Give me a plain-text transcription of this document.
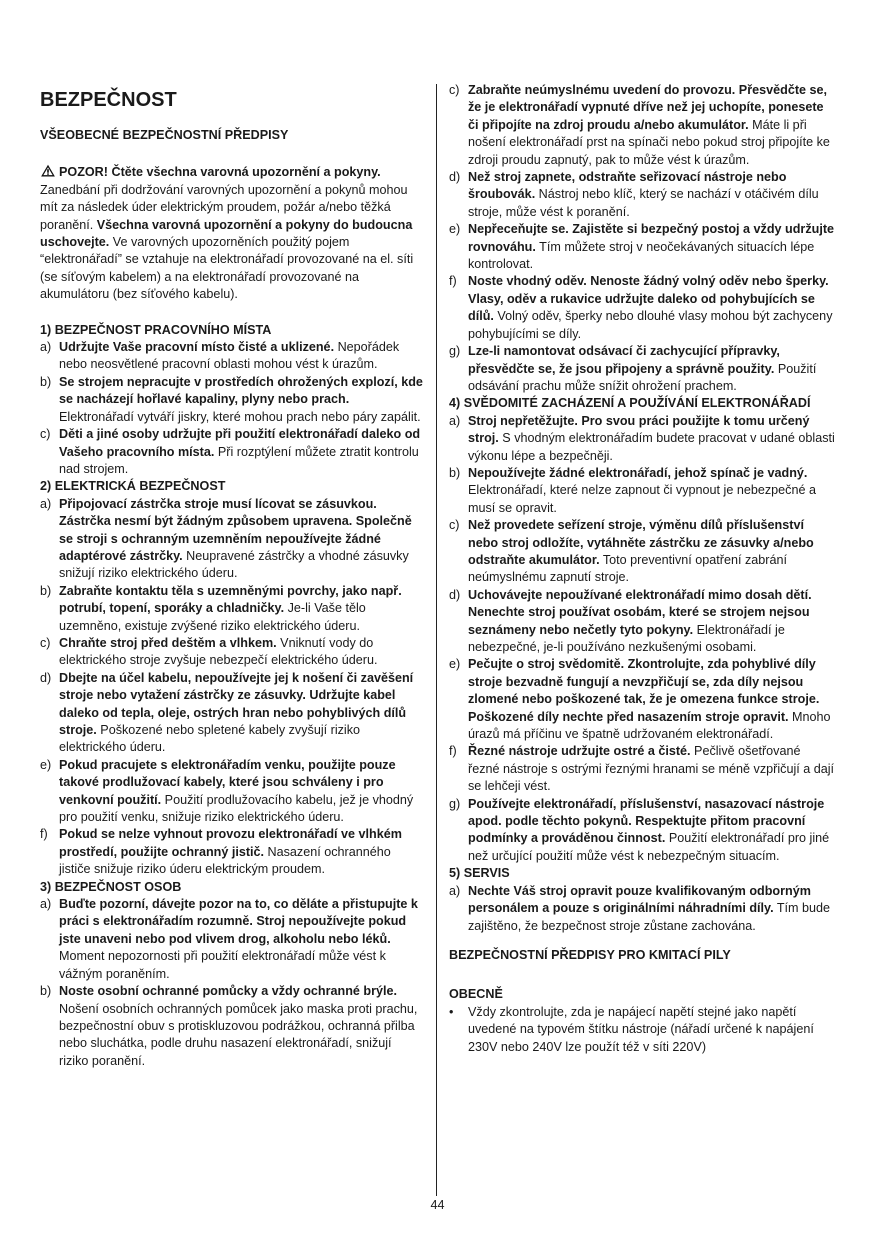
BEZPEČNOST

VŠEOBECNÉ BEZPEČNOSTNÍ PŘEDPISY

POZOR! Čtěte všechna varovná upozornění a pokyny. Zanedbání při dodržování varovných upozornění a pokynů mohou mít za následek úder elektrickým proudem, požár a/nebo těžká poranění. Všechna varovná upozornění a pokyny do budoucna uschovejte. Ve varovných upozorněních použitý pojem “elektronářadí” se vztahuje na elektronářadí provozované na el. síti (se síťovým kabelem) a na elektronářadí provozované na akumulátoru (bez síťového kabelu).

1) BEZPEČNOST PRACOVNÍHO MÍSTA

a) Udržujte Vaše pracovní místo čisté a uklizené. Nepořádek nebo neosvětlené pracovní oblasti mohou vést k úrazům.
b) Se strojem nepracujte v prostředích ohrožených explozí, kde se nacházejí hořlavé kapaliny, plyny nebo prach. Elektronářadí vytváří jiskry, které mohou prach nebo páry zapálit.
c) Děti a jiné osoby udržujte při použití elektronářadí daleko od Vašeho pracovního místa. Při rozptýlení můžete ztratit kontrolu nad strojem.

2) ELEKTRICKÁ BEZPEČNOST

a) Připojovací zástrčka stroje musí lícovat se zásuvkou. Zástrčka nesmí být žádným způsobem upravena. Společně se stroji s ochranným uzemněním nepoužívejte žádné adaptérové zástrčky. Neupravené zástrčky a vhodné zásuvky snižují riziko elektrického úderu.
b) Zabraňte kontaktu těla s uzemněnými povrchy, jako např. potrubí, topení, sporáky a chladničky. Je-li Vaše tělo uzemněno, existuje zvýšené riziko elektrického úderu.
c) Chraňte stroj před deštěm a vlhkem. Vniknutí vody do elektrického stroje zvyšuje nebezpečí elektrického úderu.
d) Dbejte na účel kabelu, nepoužívejte jej k nošení či zavěšení stroje nebo vytažení zástrčky ze zásuvky. Udržujte kabel daleko od tepla, oleje, ostrých hran nebo pohyblivých dílů stroje. Poškozené nebo spletené kabely zvyšují riziko elektrického úderu.
e) Pokud pracujete s elektronářadím venku, použijte pouze takové prodlužovací kabely, které jsou schváleny i pro venkovní použití. Použití prodlužovacího kabelu, jež je vhodný pro použití venku, snižuje riziko elektrického úderu.
f) Pokud se nelze vyhnout provozu elektronářadí ve vlhkém prostředí, použijte ochranný jistič. Nasazení ochranného jističe snižuje riziko úderu elektrickým proudem.

3) BEZPEČNOST OSOB

a) Buďte pozorní, dávejte pozor na to, co děláte a přistupujte k práci s elektronářadím rozumně. Stroj nepoužívejte pokud jste unaveni nebo pod vlivem drog, alkoholu nebo léků. Moment nepozornosti při použití elektronářadí může vést k vážným poraněním.
b) Noste osobní ochranné pomůcky a vždy ochranné brýle. Nošení osobních ochranných pomůcek jako maska proti prachu, bezpečnostní obuv s protiskluzovou podrážkou, ochranná přilba nebo sluchátka, podle druhu nasazení elektronářadí, snižují riziko poranění.
c) Zabraňte neúmyslnému uvedení do provozu. Přesvědčte se, že je elektronářadí vypnuté dříve než jej uchopíte, ponesete či připojíte na zdroj proudu a/nebo akumulátor. Máte li při nošení elektronářadí prst na spínači nebo pokud stroj připojíte ke zdroji proudu zapnutý, pak to může vést k úrazům.
d) Než stroj zapnete, odstraňte seřizovací nástroje nebo šroubovák. Nástroj nebo klíč, který se nachází v otáčivém dílu stroje, může vést k poranění.
e) Nepřeceňujte se. Zajistěte si bezpečný postoj a vždy udržujte rovnováhu. Tím můžete stroj v neočekávaných situacích lépe kontrolovat.
f) Noste vhodný oděv. Nenoste žádný volný oděv nebo šperky. Vlasy, oděv a rukavice udržujte daleko od pohybujících se dílů. Volný oděv, šperky nebo dlouhé vlasy mohou být zachyceny pohybujícími se díly.
g) Lze-li namontovat odsávací či zachycující přípravky, přesvědčte se, že jsou připojeny a správně použity. Použití odsávání prachu může snížit ohrožení prachem.

4) SVĚDOMITÉ ZACHÁZENÍ A POUŽÍVÁNÍ ELEKTRONÁŘADÍ

a) Stroj nepřetěžujte. Pro svou práci použijte k tomu určený stroj. S vhodným elektronářadím budete pracovat v udané oblasti výkonu lépe a bezpečněji.
b) Nepoužívejte žádné elektronářadí, jehož spínač je vadný. Elektronářadí, které nelze zapnout či vypnout je nebezpečné a musí se opravit.
c) Než provedete seřízení stroje, výměnu dílů příslušenství nebo stroj odložíte, vytáhněte zástrčku ze zásuvky a/nebo odstraňte akumulátor. Toto preventivní opatření zabrání neúmyslnému zapnutí stroje.
d) Uchovávejte nepoužívané elektronářadí mimo dosah dětí. Nenechte stroj používat osobám, které se strojem nejsou seznámeny nebo nečetly tyto pokyny. Elektronářadí je nebezpečné, je-li používáno nezkušenými osobami.
e) Pečujte o stroj svědomitě. Zkontrolujte, zda pohyblivé díly stroje bezvadně fungují a nevzpřičují se, zda díly nejsou zlomené nebo poškozené tak, že je omezena funkce stroje. Poškozené díly nechte před nasazením stroje opravit. Mnoho úrazů má příčinu ve špatně udržovaném elektronářadí.
f) Řezné nástroje udržujte ostré a čisté. Pečlivě ošetřované řezné nástroje s ostrými řeznými hranami se méně vzpřičují a dají se lehčeji vést.
g) Používejte elektronářadí, příslušenství, nasazovací nástroje apod. podle těchto pokynů. Respektujte přitom pracovní podmínky a prováděnou činnost. Použití elektronářadí pro jiné než určující použití může vést k nebezpečným situacím.

5) SERVIS

a) Nechte Váš stroj opravit pouze kvalifikovaným odborným personálem a pouze s originálními náhradními díly. Tím bude zajištěno, že bezpečnost stroje zůstane zachována.

BEZPEČNOSTNÍ PŘEDPISY PRO KMITACÍ PILY

OBECNĚ

•	Vždy zkontrolujte, zda je napájecí napětí stejné jako napětí uvedené na typovém štítku nástroje (nářadí určené k napájení 230V nebo 240V lze použít též v síti 220V)
44
